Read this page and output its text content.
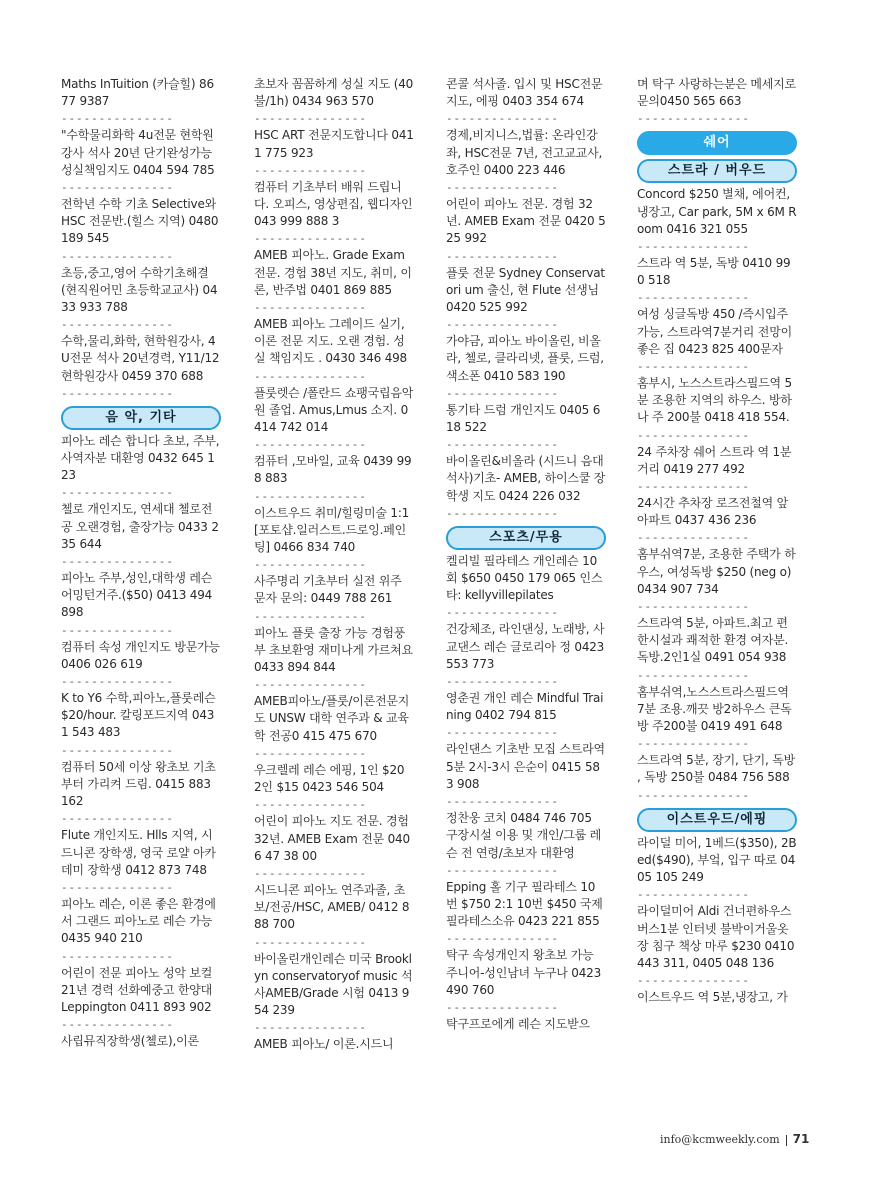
Maths InTuition (카슬힐) 8677 9387
---------------
"수학물리화학 4u전문 현학원강사 석사 20년 단기완성가능 성실책임지도 0404 594 785
---------------
전학년 수학 기초 Selective와 HSC 전문반.(힐스 지역) 0480 189 545
---------------
초등,중고,영어 수학기초해결(현직원어민 초등학교교사) 0433 933 788
---------------
수학,물리,화학, 현학원강사, 4U전문 석사 20년경력, Y11/12현학원강사 0459 370 688
---------------
음 악, 기타
피아노 레슨 합니다 초보, 주부, 사역자분 대환영 0432 645 123
---------------
첼로 개인지도, 연세대 첼로전공 오랜경험, 출장가능 0433 235 644
---------------
피아노 주부,성인,대학생 레슨어밍턴거주.($50) 0413 494 898
---------------
컴퓨터 속성 개인지도 방문가능 0406 026 619
---------------
K to Y6 수학,피아노,플룻레슨 $20/hour. 칼링포드지역 0431 543 483
---------------
컴퓨터 50세 이상 왕초보 기초부터 가리켜 드림. 0415 883 162
---------------
Flute 개인지도. Hlls 지역, 시드니콘 장학생, 영국 로얄 아카데미 장학생 0412 873 748
---------------
피아노 레슨, 이론 좋은 환경에서 그랜드 피아노로 레슨 가능 0435 940 210
---------------
어린이 전문 피아노 성악 보컬 21년 경력 선화예중고 한양대 Leppington 0411 893 902
---------------
사립뮤직장학생(첼로),이론
초보자 꼼꼼하게 성실 지도 (40불/1h) 0434 963 570
---------------
HSC ART 전문지도합니다 0411 775 923
---------------
컴퓨터 기초부터 배워 드립니다. 오피스, 영상편집, 웹디자인 043 999 888 3
---------------
AMEB 피아노. Grade Exam 전문. 경험 38년 지도, 취미, 이론, 반주법 0401 869 885
---------------
AMEB 피아노 그레이드 실기, 이론 전문 지도. 오랜 경험. 성실 책임지도 . 0430 346 498
---------------
플룻렛슨 /폴란드 쇼팽국립음악원 졸업. Amus,Lmus 소지. 0414 742 014
---------------
컴퓨터 ,모바일, 교육 0439 998 883
---------------
이스트우드 취미/힐링미술 1:1[포토샵.일러스트.드로잉.페인팅] 0466 834 740
---------------
사주명리 기초부터 실전 위주 문자 문의: 0449 788 261
---------------
피아노 플룻 출장 가능 경험풍부 초보환영 재미나게 가르쳐요 0433 894 844
---------------
AMEB피아노/플룻/이론전문지도 UNSW 대학 연주과 & 교육학 전공0 415 475 670
---------------
우크렐레 레슨 에핑, 1인 $20 2인 $15 0423 546 504
---------------
어린이 피아노 지도 전문. 경험 32년. AMEB Exam 전문 0406 47 38 00
---------------
시드니콘 피아노 연주과졸, 초보/전공/HSC, AMEB/ 0412 888 700
---------------
바이올린개인레슨 미국 Brooklyn conservatoryof music 석사AMEB/Grade 시험 0413 954 239
---------------
AMEB 피아노/ 이론.시드니
콘콜 석사졸. 입시 및 HSC전문지도, 에핑 0403 354 674
---------------
경제,비지니스,법률: 온라인강좌, HSC전문 7년, 전고교교사, 호주인 0400 223 446
---------------
어린이 피아노 전문. 경험 32년. AMEB Exam 전문 0420 525 992
---------------
플룻 전문 Sydney Conservatori um 출신, 현 Flute 선생님 0420 525 992
---------------
가야금, 피아노 바이올린, 비올라, 첼로, 클라리넷, 플룻, 드럼, 색소폰 0410 583 190
---------------
통기타 드럼 개인지도 0405 618 522
---------------
바이올린&비올라 (시드니 음대 석사)기초- AMEB, 하이스쿨 장학생 지도 0424 226 032
---------------
스포츠/무용
켈리빌 필라테스 개인레슨 10회 $650 0450 179 065 인스타: kellyvillepilates
---------------
건강체조, 라인댄싱, 노래방, 사교댄스 레슨 글로리아 정 0423 553 773
---------------
영춘권 개인 레슨 Mindful Training 0402 794 815
---------------
라인댄스 기초반 모집 스트라역 5분 2시-3시 은순이 0415 583 908
---------------
정찬웅 코치 0484 746 705 구장시설 이용 및 개인/그룹 레슨 전 연령/초보자 대환영
---------------
Epping 홀 기구 필라테스 10번 $750 2:1 10번 $450 국제필라테스소유 0423 221 855
---------------
탁구 속성개인지 왕초보 가능 주니어-성인남녀 누구나 0423 490 760
---------------
탁구프로에게 레슨 지도받으
며 탁구 사랑하는분은 메세지로 문의0450 565 663
---------------
쉐어
스트라 / 버우드
Concord $250 별채, 에어컨, 냉장고, Car park, 5M x 6M Room 0416 321 055
---------------
스트라 역 5분, 독방 0410 990 518
---------------
여성 싱글독방 450 /즉시입주가능, 스트라역7분거리 전망이 좋은 집 0423 825 400문자
---------------
홈부시, 노스스트라스필드역 5분 조용한 지역의 하우스. 방하나 주 200불 0418 418 554.
---------------
24 주차장 쉐어 스트라 역 1분거리 0419 277 492
---------------
24시간 추차장 로즈전철역 앞 아파트 0437 436 236
---------------
홈부쉬역7분, 조용한 주택가 하우스, 여성독방 $250 (neg o) 0434 907 734
---------------
스트라역 5분, 아파트.최고 편한시설과 쾌적한 환경 여자분.독방.2인1실 0491 054 938
---------------
홈부쉬역,노스스트라스필드역 7분 조용.깨끗 방2하우스 큰독방 주200불 0419 491 648
---------------
스트라역 5분, 장기, 단기, 독방 , 독방 250불 0484 756 588
---------------
이스트우드/에핑
라이덜 미어, 1베드($350), 2Bed($490), 부엌, 입구 따로 0405 105 249
---------------
라이덜미어 Aldi 건너편하우스 버스1분 인터넷 불박이거울옷장 침구 책상 마루 $230 0410 443 311, 0405 048 136
---------------
이스트우드 역 5분,냉장고, 가
info@kcmweekly.com 71
